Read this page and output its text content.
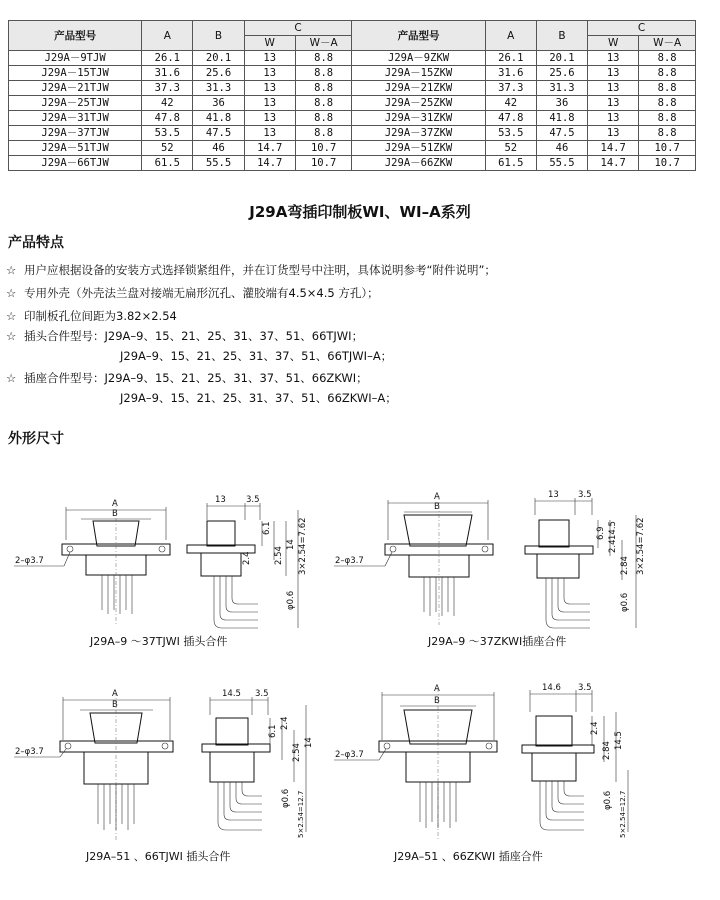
产品型号	A	B	C		产品型号	A	B	C	
			W	W－A				W	W－A
J29A－9TJW	26.1	20.1	13	8.8	J29A－9ZKW	26.1	20.1	13	8.8
J29A－15TJW	31.6	25.6	13	8.8	J29A－15ZKW	31.6	25.6	13	8.8
J29A－21TJW	37.3	31.3	13	8.8	J29A－21ZKW	37.3	31.3	13	8.8
J29A－25TJW	42	36	13	8.8	J29A－25ZKW	42	36	13	8.8
J29A－31TJW	47.8	41.8	13	8.8	J29A－31ZKW	47.8	41.8	13	8.8
J29A－37TJW	53.5	47.5	13	8.8	J29A－37ZKW	53.5	47.5	13	8.8
J29A－51TJW	52	46	14.7	10.7	J29A－51ZKW	52	46	14.7	10.7
J29A－66TJW	61.5	55.5	14.7	10.7	J29A－66ZKW	61.5	55.5	14.7	10.7
J29A弯插印制板WI、WI–A系列
产品特点
☆ 用户应根据设备的安装方式选择锁紧组件，并在订货型号中注明，具体说明参考“附件说明”；
☆ 专用外壳（外壳法兰盘对接端无扁形沉孔、灌胶端有4.5×4.5 方孔）；
☆ 印制板孔位间距为3.82×2.54
☆ 插头合件型号：J29A–9、15、21、25、31、37、51、66TJWI；
J29A–9、15、21、25、31、37、51、66TJWI–A；
☆ 插座合件型号：J29A–9、15、21、25、31、37、51、66ZKWI；
J29A–9、15、21、25、31、37、51、66ZKWI–A；
外形尺寸
A
B
2–φ3.7
13 3.5
6.1
2.4	2.54
14 3×2.54=7.62
φ0.6
J29A–9 ～37TJWI 插头合件
A
B
2–φ3.7
13 3.5
6.9
2.4
14.5
2.84 3×2.54=7.62
φ0.6
J29A–9 ～37ZKWI插座合件
A
B
2–φ3.7
14.5 3.5
6.1
2.4
2.54
14
φ0.6 5×2.54=12.7
J29A–51 、66TJWI 插头合件
A
B
2–φ3.7
14.6 3.5
2.4
2.84
14.5
φ0.6 5×2.54=12.7
J29A–51 、66ZKWI 插座合件
